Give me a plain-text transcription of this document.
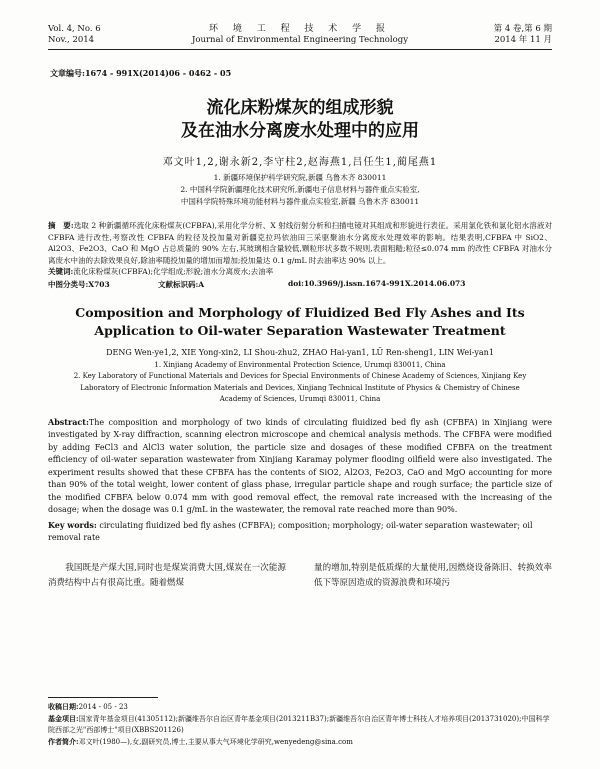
Vol. 4, No. 6
Nov., 2014
环 境 工 程 技 术 学 报
Journal of Environmental Engineering Technology
第 4 卷,第 6 期
2014 年 11 月
文章编号:1674 - 991X(2014)06 - 0462 - 05
流化床粉煤灰的组成形貌
及在油水分离废水处理中的应用
邓文叶1,2,谢永新2,李守柱2,赵海燕1,吕任生1,蔺尾燕1
1. 新疆环境保护科学研究院,新疆 乌鲁木齐 830011
2. 中国科学院新疆理化技术研究所,新疆电子信息材料与器件重点实验室,
中国科学院特殊环境功能材料与器件重点实验室,新疆 乌鲁木齐 830011
摘　要:选取 2 种新疆循环流化床粉煤灰(CFBFA),采用化学分析、X 射线衍射分析和扫描电镜对其组成和形貌进行表征。采用氯化铁和氯化铝水溶液对 CFBFA 进行改性,考察改性 CFBFA 的粒径及投加量对新疆克拉玛依油田三采驱聚油水分离废水处理效率的影响。结果表明,CFBFA 中 SiO2、Al2O3、Fe2O3、CaO 和 MgO 占总质量的 90% 左右,其玻璃相含量较低,颗粒形状多数不规则,表面粗糙;粒径≤0.074 mm 的改性 CFBFA 对油水分离废水中油的去除效果良好,除油率随投加量的增加而增加;投加量达 0.1 g/mL 时去油率达 90% 以上。
关键词:流化床粉煤灰(CFBFA);化学组成;形貌;油水分离废水;去油率
中图分类号:X703	文献标识码:A	doi:10.3969/j.issn.1674-991X.2014.06.073
Composition and Morphology of Fluidized Bed Fly Ashes and Its
Application to Oil-water Separation Wastewater Treatment
DENG Wen-ye1,2, XIE Yong-xin2, LI Shou-zhu2, ZHAO Hai-yan1, LÜ Ren-sheng1, LIN Wei-yan1
1. Xinjiang Academy of Environmental Protection Science, Urumqi 830011, China
2. Key Laboratory of Functional Materials and Devices for Special Environments of Chinese Academy of Sciences, Xinjiang Key
Laboratory of Electronic Information Materials and Devices, Xinjiang Technical Institute of Physics & Chemistry of Chinese
Academy of Sciences, Urumqi 830011, China
Abstract:The composition and morphology of two kinds of circulating fluidized bed fly ash (CFBFA) in Xinjiang were investigated by X-ray diffraction, scanning electron microscope and chemical analysis methods. The CFBFA were modified by adding FeCl3 and AlCl3 water solution, the particle size and dosages of these modified CFBFA on the treatment efficiency of oil-water separation wastewater from Xinjiang Karamay polymer flooding oilfield were also investigated. The experiment results showed that these CFBFA has the contents of SiO2, Al2O3, Fe2O3, CaO and MgO accounting for more than 90% of the total weight, lower content of glass phase, irregular particle shape and rough surface; the particle size of the modified CFBFA below 0.074 mm with good removal effect, the removal rate increased with the increasing of the dosage; when the dosage was 0.1 g/mL in the wastewater, the removal rate reached more than 90%.
Key words: circulating fluidized bed fly ashes (CFBFA); composition; morphology; oil-water separation wastewater; oil removal rate
　　我国既是产煤大国,同时也是煤炭消费大国,煤炭在一次能源消费结构中占有很高比重。随着燃煤
量的增加,特别是低质煤的大量使用,因燃烧设备陈旧、转换效率低下等原因造成的资源浪费和环境污
收稿日期:2014 - 05 - 23
基金项目:国家青年基金项目(41305112);新疆维吾尔自治区青年基金项目(2013211B37);新疆维吾尔自治区青年博士科技人才培养项目(2013731020);中国科学院西部之光"西部博士"项目(XBBS201126)
作者简介:邓文叶(1980—),女,副研究员,博士,主要从事大气环境化学研究,wenyedeng@sina.com
